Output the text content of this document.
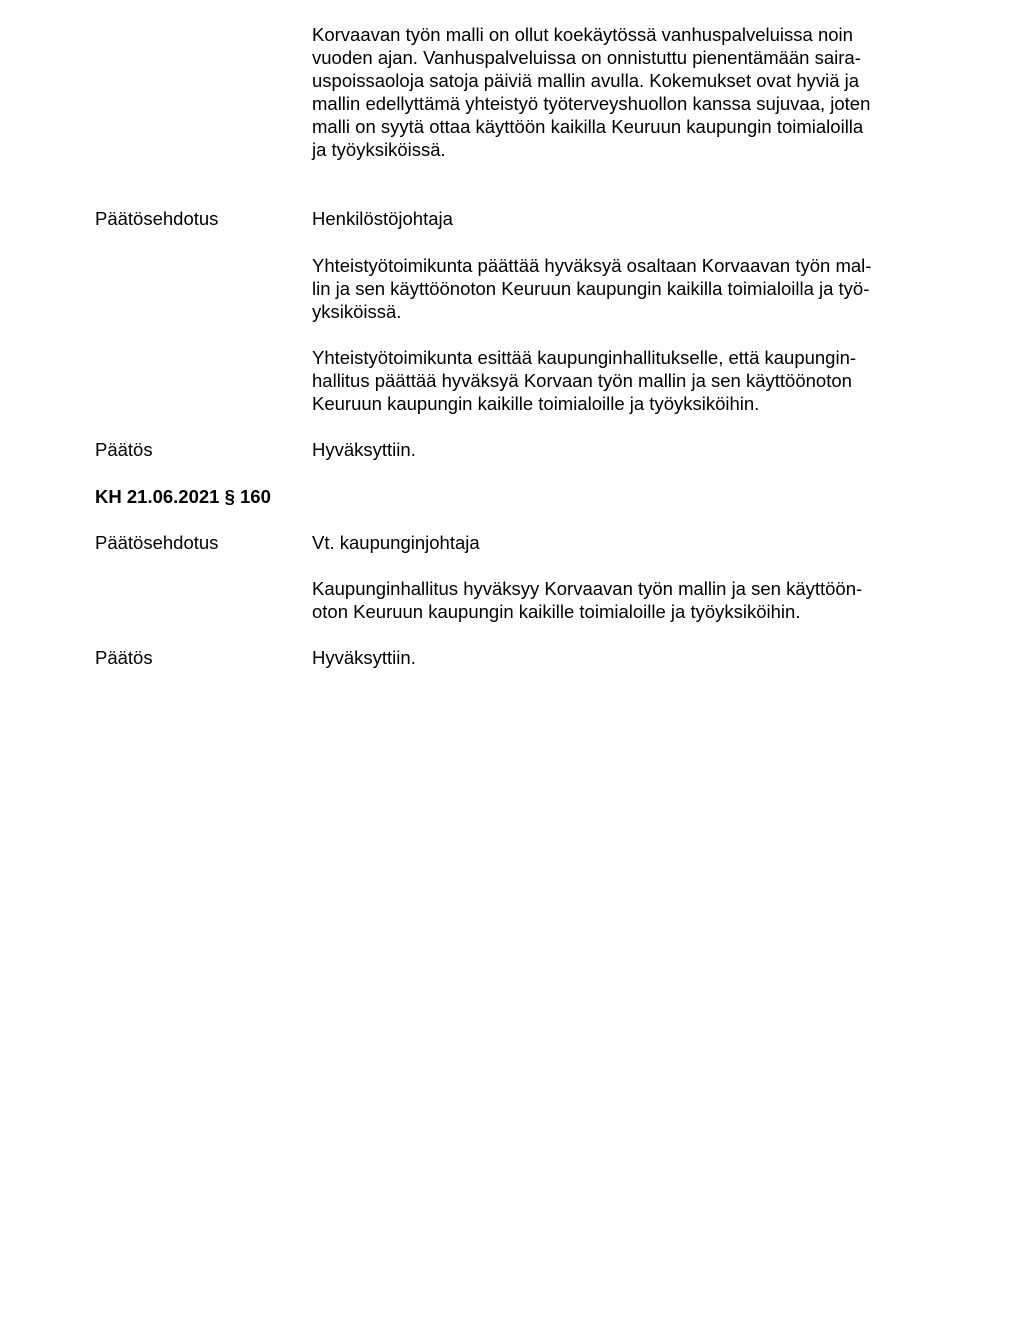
Korvaavan työn malli on ollut koekäytössä vanhuspalveluissa noin
vuoden ajan. Vanhuspalveluissa on onnistuttu pienentämään saira-
uspoissaoloja satoja päiviä mallin avulla. Kokemukset ovat hyviä ja
mallin edellyttämä yhteistyö työterveyshuollon kanssa sujuvaa, joten
malli on syytä ottaa käyttöön kaikilla Keuruun kaupungin toimialoilla
ja työyksiköissä.
Päätösehdotus	Henkilöstöjohtaja
Yhteistyötoimikunta päättää hyväksyä osaltaan Korvaavan työn mal-
lin ja sen käyttöönoton Keuruun kaupungin kaikilla toimialoilla ja työ-
yksiköissä.
Yhteistyötoimikunta esittää kaupunginhallitukselle, että kaupungin-
hallitus päättää hyväksyä Korvaan työn mallin ja sen käyttöönoton
Keuruun kaupungin kaikille toimialoille ja työyksiköihin.
Päätös	Hyväksyttiin.
KH 21.06.2021 § 160
Päätösehdotus	Vt. kaupunginjohtaja
Kaupunginhallitus hyväksyy Korvaavan työn mallin ja sen käyttöön-
oton Keuruun kaupungin kaikille toimialoille ja työyksiköihin.
Päätös	Hyväksyttiin.
